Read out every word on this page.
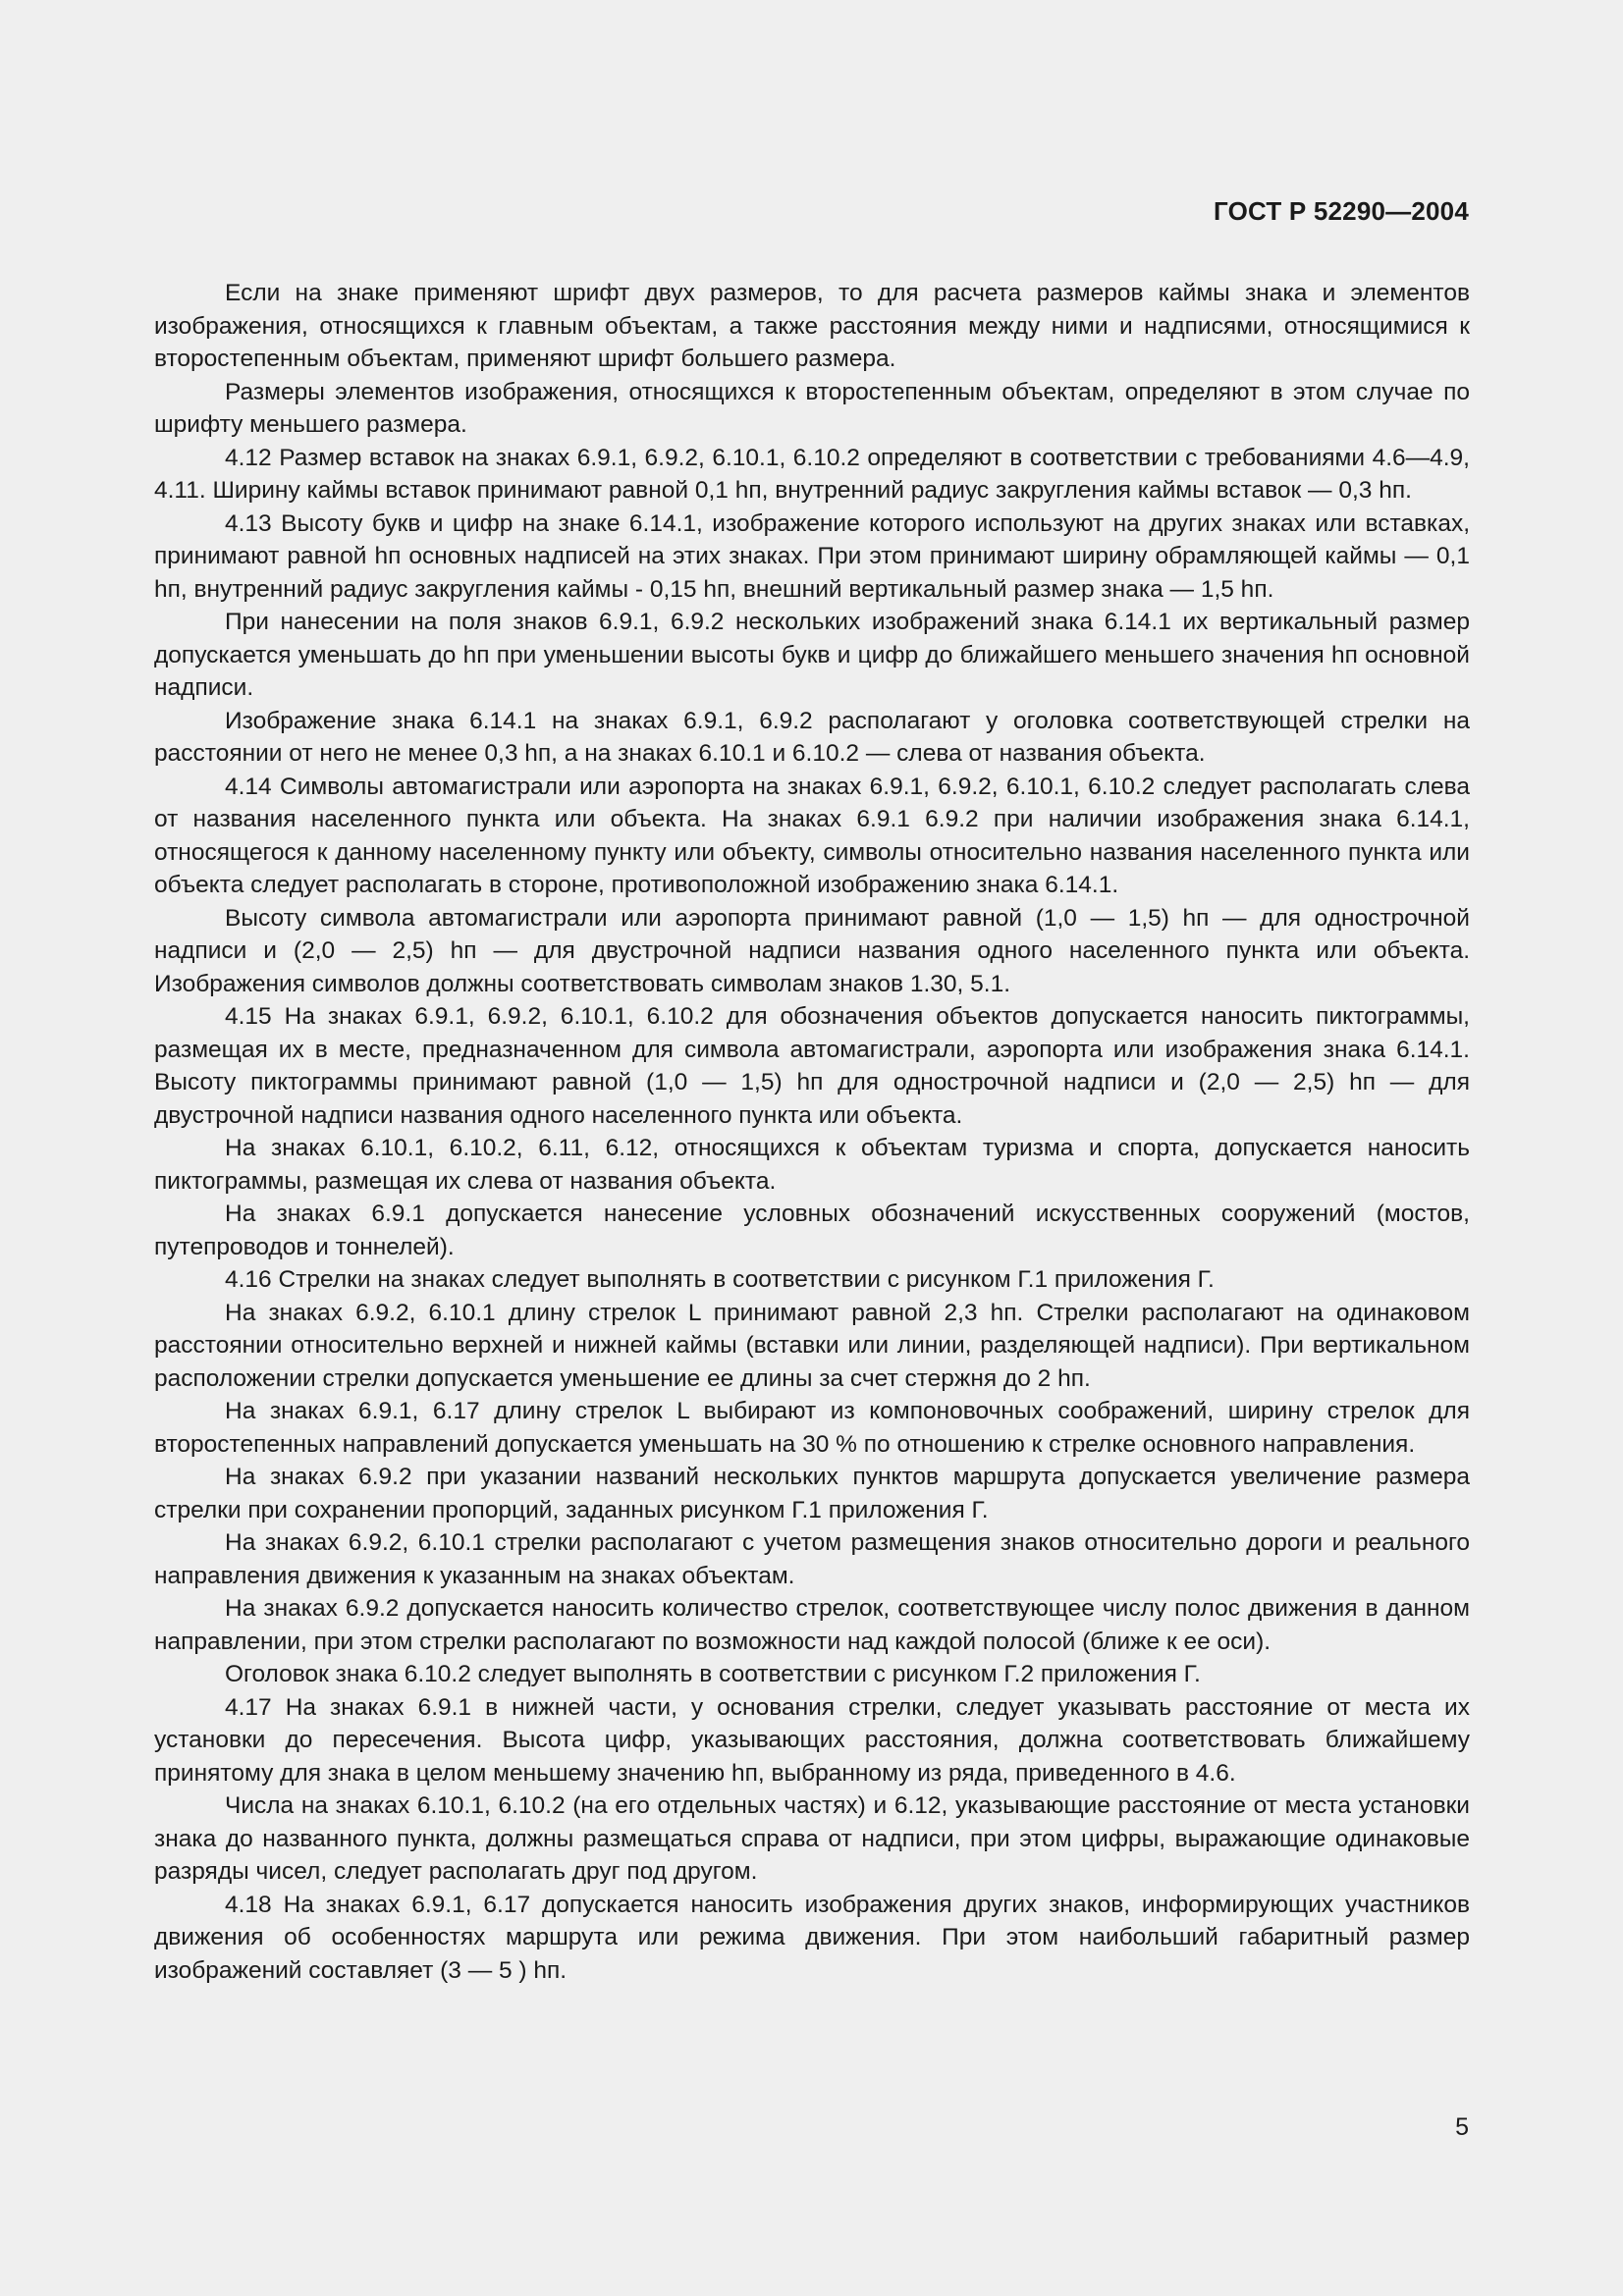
ГОСТ Р 52290—2004

Если на знаке применяют шрифт двух размеров, то для расчета размеров каймы знака и элементов изображения, относящихся к главным объектам, а также расстояния между ними и надписями, относящимися к второстепенным объектам, применяют шрифт большего размера.

Размеры элементов изображения, относящихся к второстепенным объектам, определяют в этом случае по шрифту меньшего размера.

4.12 Размер вставок на знаках 6.9.1, 6.9.2, 6.10.1, 6.10.2 определяют в соответствии с требованиями 4.6—4.9, 4.11. Ширину каймы вставок принимают равной 0,1 hп, внутренний радиус закругления каймы вставок — 0,3 hп.

4.13 Высоту букв и цифр на знаке 6.14.1, изображение которого используют на других знаках или вставках, принимают равной hп основных надписей на этих знаках. При этом принимают ширину обрамляющей каймы — 0,1 hп, внутренний радиус закругления каймы - 0,15 hп, внешний вертикальный размер знака — 1,5 hп.

При нанесении на поля знаков 6.9.1, 6.9.2 нескольких изображений знака 6.14.1 их вертикальный размер допускается уменьшать до hп при уменьшении высоты букв и цифр до ближайшего меньшего значения hп основной надписи.

Изображение знака 6.14.1 на знаках 6.9.1, 6.9.2 располагают у оголовка соответствующей стрелки на расстоянии от него не менее 0,3 hп, а на знаках 6.10.1 и 6.10.2 — слева от названия объекта.

4.14 Символы автомагистрали или аэропорта на знаках 6.9.1, 6.9.2, 6.10.1, 6.10.2 следует располагать слева от названия населенного пункта или объекта. На знаках 6.9.1 6.9.2 при наличии изображения знака 6.14.1, относящегося к данному населенному пункту или объекту, символы относительно названия населенного пункта или объекта следует располагать в стороне, противоположной изображению знака 6.14.1.

Высоту символа автомагистрали или аэропорта принимают равной (1,0 — 1,5) hп — для однострочной надписи и (2,0 — 2,5) hп — для двустрочной надписи названия одного населенного пункта или объекта. Изображения символов должны соответствовать символам знаков 1.30, 5.1.

4.15 На знаках 6.9.1, 6.9.2, 6.10.1, 6.10.2 для обозначения объектов допускается наносить пиктограммы, размещая их в месте, предназначенном для символа автомагистрали, аэропорта или изображения знака 6.14.1. Высоту пиктограммы принимают равной (1,0 — 1,5) hп для однострочной надписи и (2,0 — 2,5) hп — для двустрочной надписи названия одного населенного пункта или объекта.

На знаках 6.10.1, 6.10.2, 6.11, 6.12, относящихся к объектам туризма и спорта, допускается наносить пиктограммы, размещая их слева от названия объекта.

На знаках 6.9.1 допускается нанесение условных обозначений искусственных сооружений (мостов, путепроводов и тоннелей).

4.16 Стрелки на знаках следует выполнять в соответствии с рисунком Г.1 приложения Г.

На знаках 6.9.2, 6.10.1 длину стрелок L принимают равной 2,3 hп. Стрелки располагают на одинаковом расстоянии относительно верхней и нижней каймы (вставки или линии, разделяющей надписи). При вертикальном расположении стрелки допускается уменьшение ее длины за счет стержня до 2 hп.

На знаках 6.9.1, 6.17 длину стрелок L выбирают из компоновочных соображений, ширину стрелок для второстепенных направлений допускается уменьшать на 30 % по отношению к стрелке основного направления.

На знаках 6.9.2 при указании названий нескольких пунктов маршрута допускается увеличение размера стрелки при сохранении пропорций, заданных рисунком Г.1 приложения Г.

На знаках 6.9.2, 6.10.1 стрелки располагают с учетом размещения знаков относительно дороги и реального направления движения к указанным на знаках объектам.

На знаках 6.9.2 допускается наносить количество стрелок, соответствующее числу полос движения в данном направлении, при этом стрелки располагают по возможности над каждой полосой (ближе к ее оси).

Оголовок знака 6.10.2 следует выполнять в соответствии с рисунком Г.2 приложения Г.

4.17 На знаках 6.9.1 в нижней части, у основания стрелки, следует указывать расстояние от места их установки до пересечения. Высота цифр, указывающих расстояния, должна соответствовать ближайшему принятому для знака в целом меньшему значению hп, выбранному из ряда, приведенного в 4.6.

Числа на знаках 6.10.1, 6.10.2 (на его отдельных частях) и 6.12, указывающие расстояние от места установки знака до названного пункта, должны размещаться справа от надписи, при этом цифры, выражающие одинаковые разряды чисел, следует располагать друг под другом.

4.18 На знаках 6.9.1, 6.17 допускается наносить изображения других знаков, информирующих участников движения об особенностях маршрута или режима движения. При этом наибольший габаритный размер изображений составляет (3 — 5 ) hп.

5
